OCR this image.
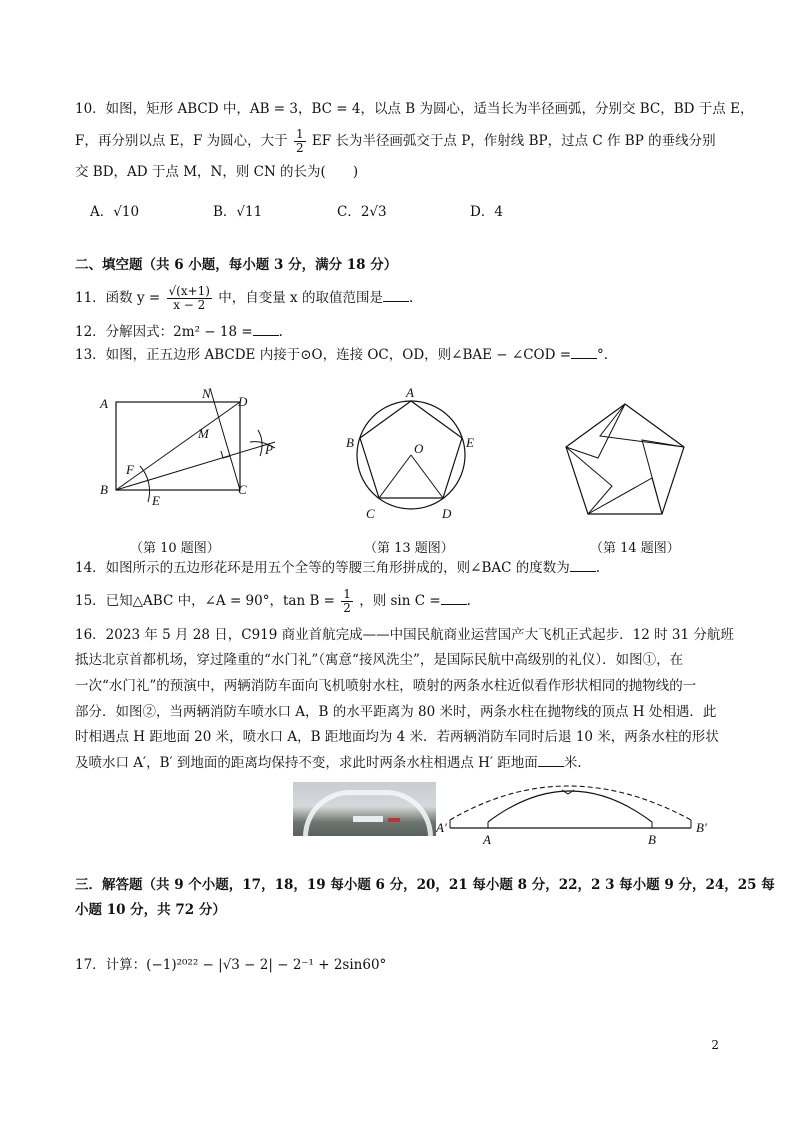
10．如图，矩形 ABCD 中，AB = 3，BC = 4，以点 B 为圆心，适当长为半径画弧，分别交 BC，BD 于点 E，
F，再分别以点 E，F 为圆心，大于 $\frac{1}{2}$ EF 长为半径画弧交于点 P，作射线 BP，过点 C 作 BP 的垂线分别
交 BD，AD 于点 M，N，则 CN 的长为(　　)
A．√10	B．√11	C．2√3	D．4
二、填空题（共 6 小题，每小题 3 分，满分 18 分）
11．函数 $y = \frac{√(x+1)}{x - 2}$ 中，自变量 x 的取值范围是 .
12．分解因式：2m² − 18 = .
13．如图，正五边形 ABCDE 内接于⊙O，连接 OC，OD，则∠BAE − ∠COD = °.
A
N
D
M
P
F
B
E
C
（第 10 题图）
A
B	E
O
C	D
（第 13 题图）	（第 14 题图）
14．如图所示的五边形花环是用五个全等的等腰三角形拼成的，则∠BAC 的度数为 .
15．已知△ABC 中，∠A = 90°，$\tan B = \frac{1}{2}$ ，则 sin C = .
16．2023 年 5 月 28 日，C919 商业首航完成——中国民航商业运营国产大飞机正式起步．12 时 31 分航班
抵达北京首都机场，穿过隆重的“水门礼”（寓意“接风洗尘”，是国际民航中高级别的礼仪）．如图①，在
一次“水门礼”的预演中，两辆消防车面向飞机喷射水柱，喷射的两条水柱近似看作形状相同的抛物线的一
部分．如图②，当两辆消防车喷水口 A，B 的水平距离为 80 米时，两条水柱在抛物线的顶点 H 处相遇．此
时相遇点 H 距地面 20 米，喷水口 A，B 距地面均为 4 米．若两辆消防车同时后退 10 米，两条水柱的形状
及喷水口 A′，B′ 到地面的距离均保持不变，求此时两条水柱相遇点 H′ 距地面 米.
A′
A	B
B′
三．解答题（共 9 个小题，17，18，19 每小题 6 分，20，21 每小题 8 分，22，2 3 每小题 9 分，24，25 每
小题 10 分，共 72 分）
17．计算：(−1)²⁰²² − |√3 − 2| − 2⁻¹ + 2sin60°
2
